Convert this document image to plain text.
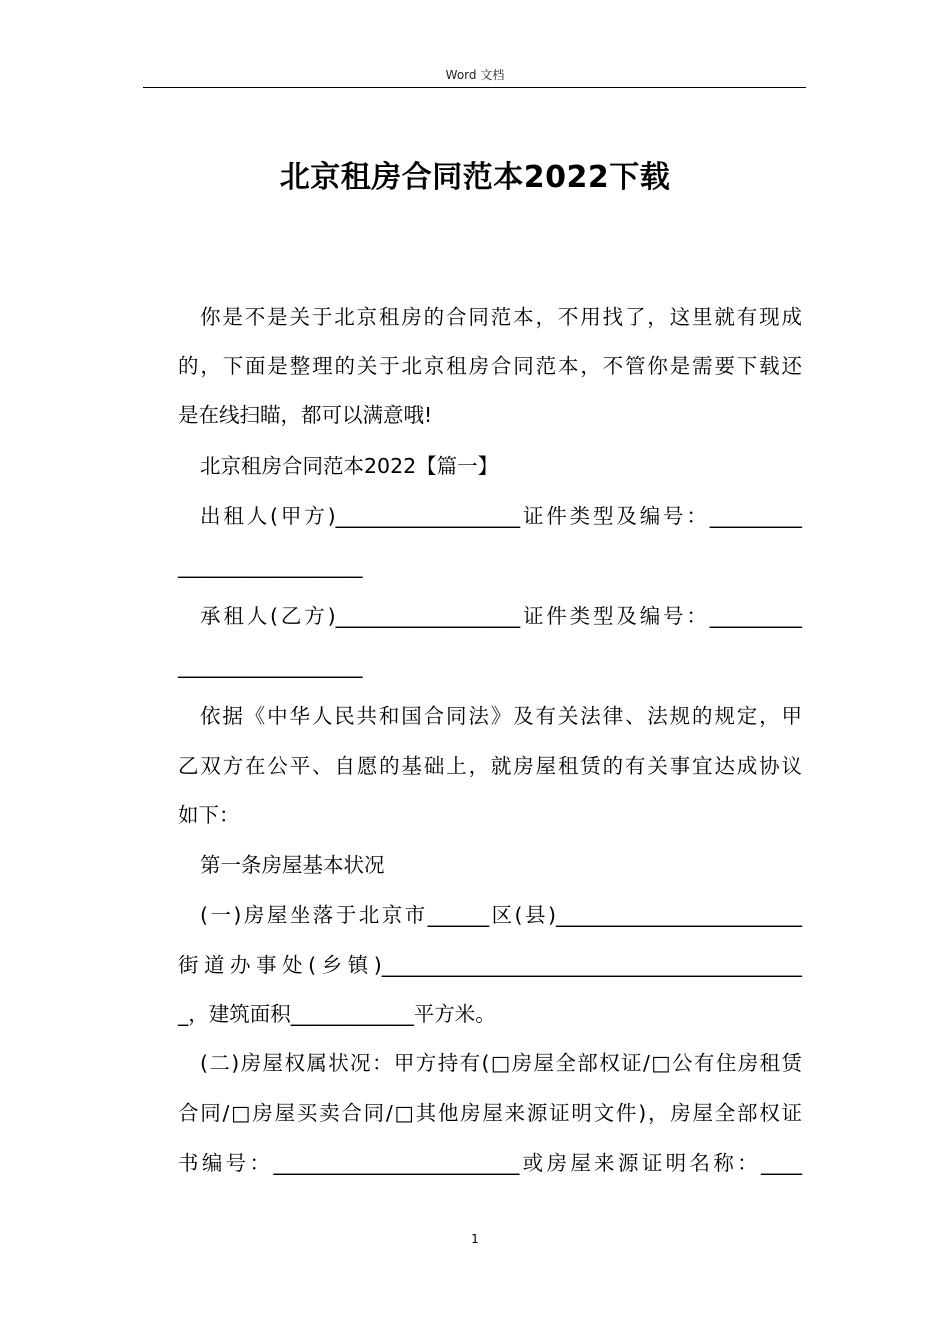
Word 文档
北京租房合同范本2022下载
你是不是关于北京租房的合同范本，不用找了，这里就有现成
的，下面是整理的关于北京租房合同范本，不管你是需要下载还
是在线扫瞄，都可以满意哦!
北京租房合同范本2022【篇一】
出租人(甲方)__________________证件类型及编号：_________
__________________
承租人(乙方)__________________证件类型及编号：_________
__________________
依据《中华人民共和国合同法》及有关法律、法规的规定，甲
乙双方在公平、自愿的基础上，就房屋租赁的有关事宜达成协议
如下：
第一条房屋基本状况
(一)房屋坐落于北京市______区(县)________________________
街道办事处(乡镇)_________________________________________
_，建筑面积____________平方米。
(二)房屋权属状况：甲方持有(□房屋全部权证/□公有住房租赁
合同/□房屋买卖合同/□其他房屋来源证明文件)，房屋全部权证
书编号：________________________或房屋来源证明名称：____
1
